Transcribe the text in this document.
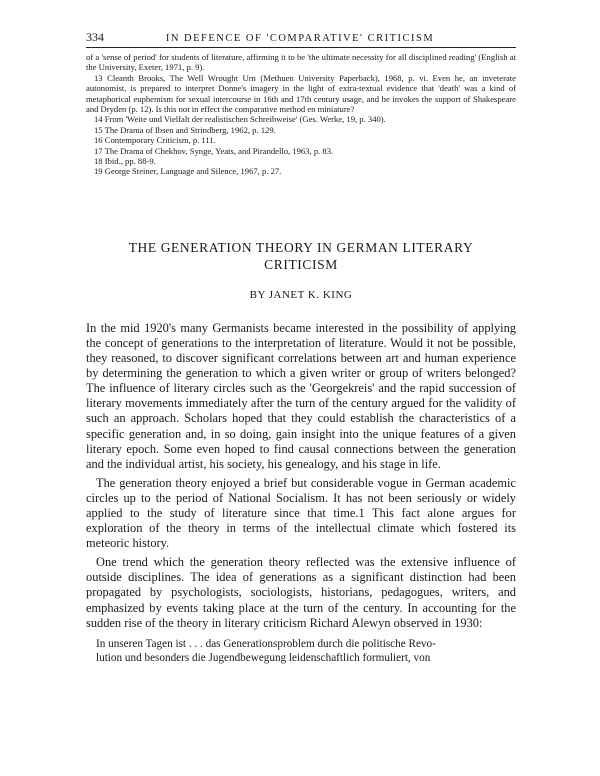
334	IN DEFENCE OF 'COMPARATIVE' CRITICISM

of a 'sense of period' for students of literature, affirming it to be 'the ultimate necessity for all disciplined reading' (English at the University, Exeter, 1971, p. 9).

13 Cleanth Brooks, The Well Wrought Urn (Methuen University Paperback), 1968, p. vi. Even he, an inveterate autonomist, is prepared to interpret Donne's imagery in the light of extra-textual evidence that 'death' was a kind of metaphorical euphemism for sexual intercourse in 16th and 17th century usage, and he invokes the support of Shakespeare and Dryden (p. 12). Is this not in effect the comparative method en miniature?

14 From 'Weite und Vielfalt der realistischen Schreibweise' (Ges. Werke, 19, p. 340).

15 The Drama of Ibsen and Strindberg, 1962, p. 129.

16 Contemporary Criticism, p. 111.

17 The Drama of Chekhov, Synge, Yeats, and Pirandello, 1963, p. 83.

18 Ibid., pp. 88-9.

19 George Steiner, Language and Silence, 1967, p. 27.

THE GENERATION THEORY IN GERMAN LITERARY
CRITICISM
BY JANET K. KING

In the mid 1920's many Germanists became interested in the possibility of applying the concept of generations to the interpretation of literature. Would it not be possible, they reasoned, to discover significant correlations between art and human experience by determining the generation to which a given writer or group of writers belonged? The influence of literary circles such as the 'Georgekreis' and the rapid succession of literary movements immediately after the turn of the century argued for the validity of such an approach. Scholars hoped that they could establish the characteristics of a specific generation and, in so doing, gain insight into the unique features of a given literary epoch. Some even hoped to find causal connections between the generation and the individual artist, his society, his genealogy, and his stage in life.

The generation theory enjoyed a brief but considerable vogue in German academic circles up to the period of National Socialism. It has not been seriously or widely applied to the study of literature since that time.1 This fact alone argues for exploration of the theory in terms of the intellectual climate which fostered its meteoric history.

One trend which the generation theory reflected was the extensive influence of outside disciplines. The idea of generations as a significant distinction had been propagated by psychologists, sociologists, historians, pedagogues, writers, and emphasized by events taking place at the turn of the century. In accounting for the sudden rise of the theory in literary criticism Richard Alewyn observed in 1930:

In unseren Tagen ist . . . das Generationsproblem durch die politische Revo-
lution und besonders die Jugendbewegung leidenschaftlich formuliert, von
